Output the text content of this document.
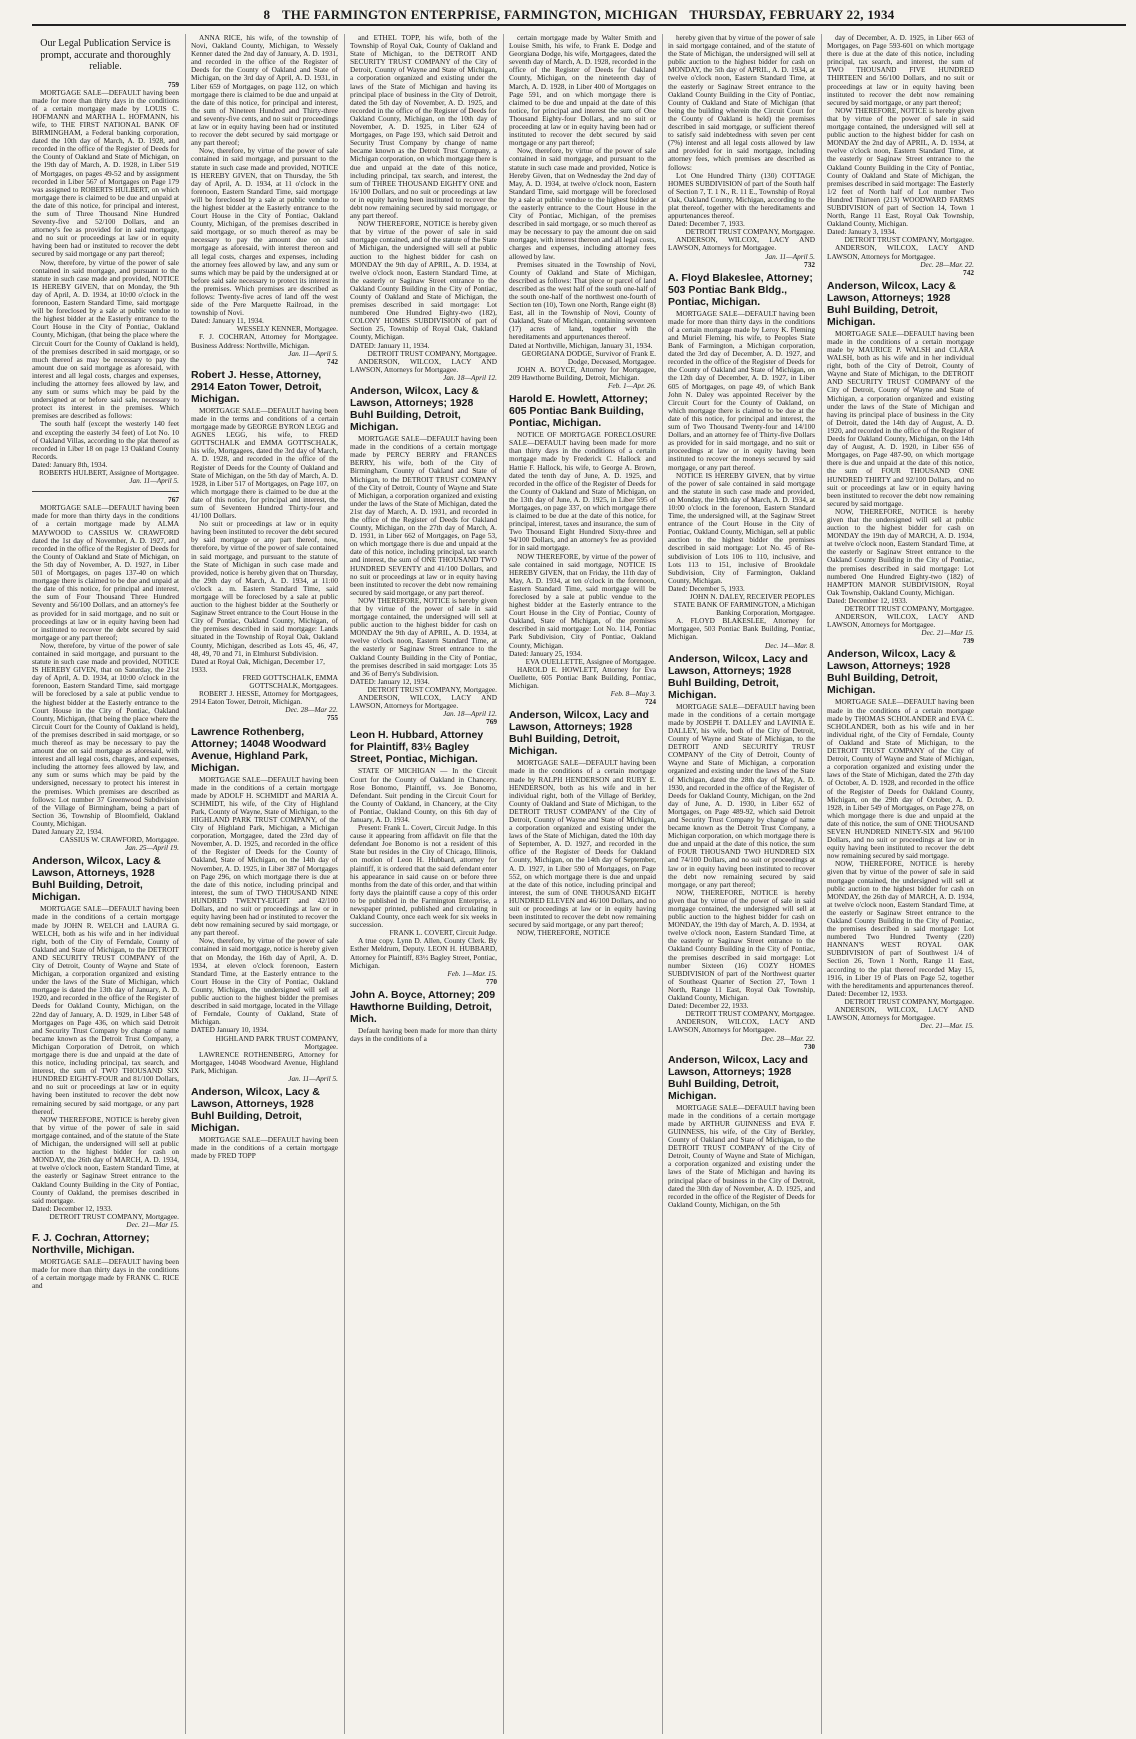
8 THE FARMINGTON ENTERPRISE, FARMINGTON, MICHIGAN THURSDAY, FEBRUARY 22, 1934
Our Legal Publication Service is prompt, accurate and thoroughly reliable.
759
MORTGAGE SALE—DEFAULT having been made for more than thirty days in the conditions of a certain mortgage made by LOUIS C. HOFMANN and MARTHA L. HOFMANN, his wife, to THE FIRST NATIONAL BANK OF BIRMINGHAM, a Federal banking corporation, dated the 10th day of March, A. D. 1928, and recorded in the office of the Register of Deeds for the County of Oakland and State of Michigan, on the 19th day of March, A. D. 1928, in Liber 519 of Mortgages, on pages 49-52 and by assignment recorded in Liber 567 of Mortgages on Page 179 was assigned to ROBERTS HULBERT, on which mortgage there is claimed to be due and unpaid at the date of this notice, for principal and interest, the sum of Three Thousand Nine Hundred Seventy-five and 52/100 Dollars, and an attorney's fee as provided for in said mortgage, and no suit or proceedings at law or in equity having been had or instituted to recover the debt secured by said mortgage or any part thereof;
Now, therefore, by virtue of the power of sale contained in said mortgage, and pursuant to the statute in such case made and provided, NOTICE IS HEREBY GIVEN, that on Monday, the 9th day of April, A. D. 1934, at 10:00 o'clock in the forenoon, Eastern Standard Time, said mortgage will be foreclosed by a sale at public vendue to the highest bidder at the Easterly entrance to the Court House in the City of Pontiac, Oakland County, Michigan, (that being the place where the Circuit Court for the County of Oakland is held), of the premises described in said mortgage, or so much thereof as may be necessary to pay the amount due on said mortgage as aforesaid, with interest and all legal costs, charges and expenses, including the attorney fees allowed by law, and any sum or sums which may be paid by the undersigned at or before said sale, necessary to protect its interest in the premises. Which premises are described as follows:
The south half (except the westerly 140 feet and excepting the easterly 34 feet) of Lot No. 10 of Oakland Villas, according to the plat thereof as recorded in Liber 18 on page 13 Oakland County Records.
Dated: January 8th, 1934.
ROBERTS HULBERT, Assignee of Mortgagee.
Jan. 11—April 5.
767
MORTGAGE SALE—DEFAULT having been made for more than thirty days in the conditions of a certain mortgage made by ALMA MAYWOOD to CASSIUS W. CRAWFORD dated the 1st day of November, A. D. 1927, and recorded in the office of the Register of Deeds for the County of Oakland and State of Michigan, on the 5th day of November, A. D. 1927, in Liber 501 of Mortgages, on pages 137-40 on which mortgage there is claimed to be due and unpaid at the date of this notice, for principal and interest, the sum of Four Thousand Three Hundred Seventy and 56/100 Dollars, and an attorney's fee as provided for in said mortgage, and no suit or proceedings at law or in equity having been had or instituted to recover the debt secured by said mortgage or any part thereof;
Now, therefore, by virtue of the power of sale contained in said mortgage, and pursuant to the statute in such case made and provided, NOTICE IS HEREBY GIVEN, that on Saturday, the 21st day of April, A. D. 1934, at 10:00 o'clock in the forenoon, Eastern Standard Time, said mortgage will be foreclosed by a sale at public vendue to the highest bidder at the Easterly entrance to the Court House in the City of Pontiac, Oakland County, Michigan, (that being the place where the Circuit Court for the County of Oakland is held), of the premises described in said mortgage, or so much thereof as may be necessary to pay the amount due on said mortgage as aforesaid, with interest and all legal costs, charges, and expenses, including the attorney fees allowed by law, and any sum or sums which may be paid by the undersigned, necessary to protect his interest in the premises. Which premises are described as follows: Lot number 37 Greenwood Subdivision of the Village of Birmingham, being a part of Section 36, Township of Bloomfield, Oakland County, Michigan.
Dated January 22, 1934.
CASSIUS W. CRAWFORD, Mortgagee.
Jan. 25—April 19.
Anderson, Wilcox, Lacy & Lawson, Attorneys, 1928 Buhl Building, Detroit, Michigan.
MORTGAGE SALE—DEFAULT having been made in the conditions of a certain mortgage made by JOHN R. WELCH and LAURA G. WELCH, both as his wife and in her individual right, both of the City of Ferndale, County of Oakland and State of Michigan, to the DETROIT AND SECURITY TRUST COMPANY of the City of Detroit, County of Wayne and State of Michigan, a corporation organized and existing under the laws of the State of Michigan, which mortgage is dated the 13th day of January, A. D. 1920, and recorded in the office of the Register of Deeds for Oakland County, Michigan, on the 22nd day of January, A. D. 1929, in Liber 548 of Mortgages on Page 436, on which said Detroit and Security Trust Company by change of name became known as the Detroit Trust Company, a Michigan Corporation of Detroit, on which mortgage there is due and unpaid at the date of this notice, including principal, tax search, and interest, the sum of TWO THOUSAND SIX HUNDRED EIGHTY-FOUR and 81/100 Dollars, and no suit or proceedings at law or in equity having been instituted to recover the debt now remaining secured by said mortgage, or any part thereof.
NOW THEREFORE, NOTICE is hereby given that by virtue of the power of sale in said mortgage contained, and of the statute of the State of Michigan, the undersigned will sell at public auction to the highest bidder for cash on MONDAY, the 26th day of MARCH, A. D. 1934, at twelve o'clock noon, Eastern Standard Time, at the easterly or Saginaw Street entrance to the Oakland County Building in the City of Pontiac, County of Oakland, the premises described in said mortgage.
Dated: December 12, 1933.
DETROIT TRUST COMPANY, Mortgagee.
Dec. 21—Mar 15.
F. J. Cochran, Attorney; Northville, Michigan.
MORTGAGE SALE—DEFAULT having been made for more than thirty days in the conditions of a certain mortgage made by FRANK C. RICE and
ANNA RICE, his wife, of the township of Novi, Oakland County, Michigan, to Wessely Kenner dated the 2nd day of January, A. D. 1931, and recorded in the office of the Register of Deeds for the County of Oakland and State of Michigan, on the 3rd day of April, A. D. 1931, in Liber 659 of Mortgages, on page 112, on which mortgage there is claimed to be due and unpaid at the date of this notice, for principal and interest, the sum of Nineteen Hundred and Thirty-three and seventy-five cents, and no suit or proceedings at law or in equity having been had or instituted to recover the debt secured by said mortgage or any part thereof;
Now, therefore, by virtue of the power of sale contained in said mortgage, and pursuant to the statute in such case made and provided, NOTICE IS HEREBY GIVEN, that on Thursday, the 5th day of April, A. D. 1934, at 11 o'clock in the forenoon, Eastern Standard Time, said mortgage will be foreclosed by a sale at public vendue to the highest bidder at the Easterly entrance to the Court House in the City of Pontiac, Oakland County, Michigan, of the premises described in said mortgage, or so much thereof as may be necessary to pay the amount due on said mortgage as aforesaid, with interest thereon and all legal costs, charges and expenses, including the attorney fees allowed by law, and any sum or sums which may be paid by the undersigned at or before said sale necessary to protect its interest in the premises. Which premises are described as follows: Twenty-five acres of land off the west side of the Pere Marquette Railroad, in the township of Novi.
Dated: January 11, 1934.
WESSELY KENNER, Mortgagee.
F. J. COCHRAN, Attorney for Mortgagee. Business Address: Northville, Michigan.
Jan. 11—April 5.
742
Robert J. Hesse, Attorney, 2914 Eaton Tower, Detroit, Michigan.
MORTGAGE SALE—DEFAULT having been made in the terms and conditions of a certain mortgage made by GEORGE BYRON LEGG and AGNES LEGG, his wife, to FRED GOTTSCHALK and EMMA GOTTSCHALK, his wife, Mortgagees, dated the 3rd day of March, A. D. 1928, and recorded in the office of the Register of Deeds for the County of Oakland and State of Michigan, on the 5th day of March, A. D. 1928, in Liber 517 of Mortgages, on Page 107, on which mortgage there is claimed to be due at the date of this notice, for principal and interest, the sum of Seventeen Hundred Thirty-four and 41/100 Dollars.
No suit or proceedings at law or in equity having been instituted to recover the debt secured by said mortgage or any part thereof, now, therefore, by virtue of the power of sale contained in said mortgage, and pursuant to the statute of the State of Michigan in such case made and provided, notice is hereby given that on Thursday, the 29th day of March, A. D. 1934, at 11:00 o'clock a. m. Eastern Standard Time, said mortgage will be foreclosed by a sale at public auction to the highest bidder at the Southerly or Saginaw Street entrance to the Court House in the City of Pontiac, Oakland County, Michigan, of the premises described in said mortgage: Lands situated in the Township of Royal Oak, Oakland County, Michigan, described as Lots 45, 46, 47, 48, 49, 70 and 71, in Elmhurst Subdivision.
Dated at Royal Oak, Michigan, December 17, 1933.
FRED GOTTSCHALK, EMMA GOTTSCHALK, Mortgagees.
ROBERT J. HESSE, Attorney for Mortgagees, 2914 Eaton Tower, Detroit, Michigan.
Dec. 28—Mar 22.
755
Lawrence Rothenberg, Attorney; 14048 Woodward Avenue, Highland Park, Michigan.
MORTGAGE SALE—DEFAULT having been made in the conditions of a certain mortgage made by ADOLF H. SCHMIDT and MARIA A. SCHMIDT, his wife, of the City of Highland Park, County of Wayne, State of Michigan, to the HIGHLAND PARK TRUST COMPANY, of the City of Highland Park, Michigan, a Michigan corporation, Mortgagee, dated the 23rd day of November, A. D. 1925, and recorded in the office of the Register of Deeds for the County of Oakland, State of Michigan, on the 14th day of November, A. D. 1925, in Liber 387 of Mortgages on Page 296, on which mortgage there is due at the date of this notice, including principal and interest, the sum of TWO THOUSAND NINE HUNDRED TWENTY-EIGHT and 42/100 Dollars, and no suit or proceedings at law or in equity having been had or instituted to recover the debt now remaining secured by said mortgage, or any part thereof.
Now, therefore, by virtue of the power of sale contained in said mortgage, notice is hereby given that on Monday, the 16th day of April, A. D. 1934, at eleven o'clock forenoon, Eastern Standard Time, at the Easterly entrance to the Court House in the City of Pontiac, Oakland County, Michigan, the undersigned will sell at public auction to the highest bidder the premises described in said mortgage, located in the Village of Ferndale, County of Oakland, State of Michigan.
DATED January 10, 1934.
HIGHLAND PARK TRUST COMPANY, Mortgagee.
LAWRENCE ROTHENBERG, Attorney for Mortgagee, 14048 Woodward Avenue, Highland Park, Michigan.
Jan. 11—April 5.
Anderson, Wilcox, Lacy & Lawson, Attorneys, 1928 Buhl Building, Detroit, Michigan.
MORTGAGE SALE—DEFAULT having been made in the conditions of a certain mortgage made by FRED TOPP
and ETHEL TOPP, his wife, both of the Township of Royal Oak, County of Oakland and State of Michigan, to the DETROIT AND SECURITY TRUST COMPANY of the City of Detroit, County of Wayne and State of Michigan, a corporation organized and existing under the laws of the State of Michigan and having its principal place of business in the City of Detroit, dated the 5th day of November, A. D. 1925, and recorded in the office of the Register of Deeds for Oakland County, Michigan, on the 10th day of November, A. D. 1925, in Liber 624 of Mortgages, on Page 193, which said Detroit and Security Trust Company by change of name became known as the Detroit Trust Company, a Michigan corporation, on which mortgage there is due and unpaid at the date of this notice, including principal, tax search, and interest, the sum of THREE THOUSAND EIGHTY ONE and 16/100 Dollars, and no suit or proceedings at law or in equity having been instituted to recover the debt now remaining secured by said mortgage, or any part thereof.
NOW THEREFORE, NOTICE is hereby given that by virtue of the power of sale in said mortgage contained, and of the statute of the State of Michigan, the undersigned will sell at public auction to the highest bidder for cash on MONDAY the 9th day of APRIL, A. D. 1934, at twelve o'clock noon, Eastern Standard Time, at the easterly or Saginaw Street entrance to the Oakland County Building in the City of Pontiac, County of Oakland and State of Michigan, the premises described in said mortgage: Lot numbered One Hundred Eighty-two (182), COLONY HOMES SUBDIVISION of part of Section 25, Township of Royal Oak, Oakland County, Michigan.
DATED: January 11, 1934.
DETROIT TRUST COMPANY, Mortgagee.
ANDERSON, WILCOX, LACY AND LAWSON, Attorneys for Mortgagee.
Jan. 18—April 12.
Anderson, Wilcox, Lacy & Lawson, Attorneys; 1928 Buhl Building, Detroit, Michigan.
MORTGAGE SALE—DEFAULT having been made in the conditions of a certain mortgage made by PERCY BERRY and FRANCES BERRY, his wife, both of the City of Birmingham, County of Oakland and State of Michigan, to the DETROIT TRUST COMPANY of the City of Detroit, County of Wayne and State of Michigan, a corporation organized and existing under the laws of the State of Michigan, dated the 21st day of March, A. D. 1931, and recorded in the office of the Register of Deeds for Oakland County, Michigan, on the 27th day of March, A. D. 1931, in Liber 662 of Mortgages, on Page 53, on which mortgage there is due and unpaid at the date of this notice, including principal, tax search and interest, the sum of ONE THOUSAND TWO HUNDRED SEVENTY and 41/100 Dollars, and no suit or proceedings at law or in equity having been instituted to recover the debt now remaining secured by said mortgage, or any part thereof.
NOW THEREFORE, NOTICE is hereby given that by virtue of the power of sale in said mortgage contained, the undersigned will sell at public auction to the highest bidder for cash on MONDAY the 9th day of APRIL, A. D. 1934, at twelve o'clock noon, Eastern Standard Time, at the easterly or Saginaw Street entrance to the Oakland County Building in the City of Pontiac, the premises described in said mortgage: Lots 35 and 36 of Berry's Subdivision.
DATED: January 12, 1934.
DETROIT TRUST COMPANY, Mortgagee.
ANDERSON, WILCOX, LACY AND LAWSON, Attorneys for Mortgagee.
Jan. 18—April 12.
769
Leon H. Hubbard, Attorney for Plaintiff, 83½ Bagley Street, Pontiac, Michigan.
STATE OF MICHIGAN — In the Circuit Court for the County of Oakland in Chancery. Rose Bonomo, Plaintiff, vs. Joe Bonomo, Defendant. Suit pending in the Circuit Court for the County of Oakland, in Chancery, at the City of Pontiac, Oakland County, on this 6th day of January, A. D. 1934.
Present: Frank L. Covert, Circuit Judge. In this cause it appearing from affidavit on file that the defendant Joe Bonomo is not a resident of this State but resides in the City of Chicago, Illinois, on motion of Leon H. Hubbard, attorney for plaintiff, it is ordered that the said defendant enter his appearance in said cause on or before three months from the date of this order, and that within forty days the plaintiff cause a copy of this order to be published in the Farmington Enterprise, a newspaper printed, published and circulating in Oakland County, once each week for six weeks in succession.
FRANK L. COVERT, Circuit Judge.
A true copy. Lynn D. Allen, County Clerk. By Esther Meldrum, Deputy. LEON H. HUBBARD, Attorney for Plaintiff, 83½ Bagley Street, Pontiac, Michigan.
Feb. 1—Mar. 15.
770
John A. Boyce, Attorney; 209 Hawthorne Building, Detroit, Mich.
Default having been made for more than thirty days in the conditions of a
certain mortgage made by Walter Smith and Louise Smith, his wife, to Frank E. Dodge and Georgiana Dodge, his wife, Mortgagees, dated the seventh day of March, A. D. 1928, recorded in the office of the Register of Deeds for Oakland County, Michigan, on the nineteenth day of March, A. D. 1928, in Liber 400 of Mortgages on Page 591, and on which mortgage there is claimed to be due and unpaid at the date of this notice, for principal and interest the sum of One Thousand Eighty-four Dollars, and no suit or proceeding at law or in equity having been had or instituted to recover the debt secured by said mortgage or any part thereof;
Now, therefore, by virtue of the power of sale contained in said mortgage, and pursuant to the statute in such case made and provided, Notice is Hereby Given, that on Wednesday the 2nd day of May, A. D. 1934, at twelve o'clock noon, Eastern Standard Time, said mortgage will be foreclosed by a sale at public vendue to the highest bidder at the easterly entrance to the Court House in the City of Pontiac, Michigan, of the premises described in said mortgage, or so much thereof as may be necessary to pay the amount due on said mortgage, with interest thereon and all legal costs, charges and expenses, including attorney fees allowed by law.
Premises situated in the Township of Novi, County of Oakland and State of Michigan, described as follows: That piece or parcel of land described as the west half of the south one-half of the south one-half of the northwest one-fourth of Section ten (10), Town one North, Range eight (8) East, all in the Township of Novi, County of Oakland, State of Michigan, containing seventeen (17) acres of land, together with the hereditaments and appurtenances thereof.
Dated at Northville, Michigan, January 31, 1934.
GEORGIANA DODGE, Survivor of Frank E. Dodge, Deceased, Mortgagee.
JOHN A. BOYCE, Attorney for Mortgagee, 209 Hawthorne Building, Detroit, Michigan.
Feb. 1—Apr. 26.
Harold E. Howlett, Attorney; 605 Pontiac Bank Building, Pontiac, Michigan.
NOTICE OF MORTGAGE FORECLOSURE SALE—DEFAULT having been made for more than thirty days in the conditions of a certain mortgage made by Frederick C. Hallock and Hattie F. Hallock, his wife, to George A. Brown, dated the tenth day of June, A. D. 1925, and recorded in the office of the Register of Deeds for the County of Oakland and State of Michigan, on the 13th day of June, A. D. 1925, in Liber 595 of Mortgages, on page 337, on which mortgage there is claimed to be due at the date of this notice, for principal, interest, taxes and insurance, the sum of Two Thousand Eight Hundred Sixty-three and 94/100 Dollars, and an attorney's fee as provided for in said mortgage.
NOW THEREFORE, by virtue of the power of sale contained in said mortgage, NOTICE IS HEREBY GIVEN, that on Friday, the 11th day of May, A. D. 1934, at ten o'clock in the forenoon, Eastern Standard Time, said mortgage will be foreclosed by a sale at public vendue to the highest bidder at the Easterly entrance to the Court House in the City of Pontiac, County of Oakland, State of Michigan, of the premises described in said mortgage: Lot No. 114, Pontiac Park Subdivision, City of Pontiac, Oakland County, Michigan.
Dated: January 25, 1934.
EVA OUELLETTE, Assignee of Mortgagee.
HAROLD E. HOWLETT, Attorney for Eva Ouellette, 605 Pontiac Bank Building, Pontiac, Michigan.
Feb. 8—May 3.
724
Anderson, Wilcox, Lacy and Lawson, Attorneys; 1928 Buhl Building, Detroit, Michigan.
MORTGAGE SALE—DEFAULT having been made in the conditions of a certain mortgage made by RALPH HENDERSON and RUBY E. HENDERSON, both as his wife and in her individual right, both of the Village of Berkley, County of Oakland and State of Michigan, to the DETROIT TRUST COMPANY of the City of Detroit, County of Wayne and State of Michigan, a corporation organized and existing under the laws of the State of Michigan, dated the 10th day of September, A. D. 1927, and recorded in the office of the Register of Deeds for Oakland County, Michigan, on the 14th day of September, A. D. 1927, in Liber 590 of Mortgages, on Page 552, on which mortgage there is due and unpaid at the date of this notice, including principal and interest, the sum of ONE THOUSAND EIGHT HUNDRED ELEVEN and 46/100 Dollars, and no suit or proceedings at law or in equity having been instituted to recover the debt now remaining secured by said mortgage, or any part thereof;
NOW, THEREFORE, NOTICE
hereby given that by virtue of the power of sale in said mortgage contained, and of the statute of the State of Michigan, the undersigned will sell at public auction to the highest bidder for cash on MONDAY, the 5th day of APRIL, A. D. 1934, at twelve o'clock noon, Eastern Standard Time, at the easterly or Saginaw Street entrance to the Oakland County Building in the City of Pontiac, County of Oakland and State of Michigan (that being the building wherein the Circuit Court for the County of Oakland is held) the premises described in said mortgage, or sufficient thereof to satisfy said indebtedness with seven per cent (7%) interest and all legal costs allowed by law and provided for in said mortgage, including attorney fees, which premises are described as follows:
Lot One Hundred Thirty (130) COTTAGE HOMES SUBDIVISION of part of the South half of Section 7, T. 1 N., R. 11 E., Township of Royal Oak, Oakland County, Michigan, according to the plat thereof, together with the hereditaments and appurtenances thereof.
Dated: December 7, 1933.
DETROIT TRUST COMPANY, Mortgagee.
ANDERSON, WILCOX, LACY AND LAWSON, Attorneys for Mortgagee.
Jan. 11—April 5.
732
A. Floyd Blakeslee, Attorney; 503 Pontiac Bank Bldg., Pontiac, Michigan.
MORTGAGE SALE—DEFAULT having been made for more than thirty days in the conditions of a certain mortgage made by Leroy K. Fleming and Muriel Fleming, his wife, to Peoples State Bank of Farmington, a Michigan corporation, dated the 3rd day of December, A. D. 1927, and recorded in the office of the Register of Deeds for the County of Oakland and State of Michigan, on the 12th day of December, A. D. 1927, in Liber 605 of Mortgages, on page 49, of which Bank John N. Daley was appointed Receiver by the Circuit Court for the County of Oakland, on which mortgage there is claimed to be due at the date of this notice, for principal and interest, the sum of Two Thousand Twenty-four and 14/100 Dollars, and an attorney fee of Thirty-five Dollars as provided for in said mortgage, and no suit or proceedings at law or in equity having been instituted to recover the moneys secured by said mortgage, or any part thereof.
NOTICE IS HEREBY GIVEN, that by virtue of the power of sale contained in said mortgage and the statute in such case made and provided, on Monday, the 19th day of March, A. D. 1934, at 10:00 o'clock in the forenoon, Eastern Standard Time, the undersigned will, at the Saginaw Street entrance of the Court House in the City of Pontiac, Oakland County, Michigan, sell at public auction to the highest bidder the premises described in said mortgage: Lot No. 45 of Re-subdivision of Lots 106 to 110, inclusive, and Lots 113 to 151, inclusive of Brookdale Subdivision, City of Farmington, Oakland County, Michigan.
Dated: December 5, 1933.
JOHN N. DALEY, RECEIVER PEOPLES STATE BANK OF FARMINGTON, a Michigan Banking Corporation, Mortgagee.
A. FLOYD BLAKESLEE, Attorney for Mortgagee, 503 Pontiac Bank Building, Pontiac, Michigan.
Dec. 14—Mar. 8.
Anderson, Wilcox, Lacy and Lawson, Attorneys; 1928 Buhl Building, Detroit, Michigan.
MORTGAGE SALE—DEFAULT having been made in the conditions of a certain mortgage made by JOSEPH T. DALLEY and LAVINIA E. DALLEY, his wife, both of the City of Detroit, County of Wayne and State of Michigan, to the DETROIT AND SECURITY TRUST COMPANY of the City of Detroit, County of Wayne and State of Michigan, a corporation organized and existing under the laws of the State of Michigan, dated the 28th day of May, A. D. 1930, and recorded in the office of the Register of Deeds for Oakland County, Michigan, on the 2nd day of June, A. D. 1930, in Liber 652 of Mortgages, on Page 489-92, which said Detroit and Security Trust Company by change of name became known as the Detroit Trust Company, a Michigan corporation, on which mortgage there is due and unpaid at the date of this notice, the sum of FOUR THOUSAND TWO HUNDRED SIX and 74/100 Dollars, and no suit or proceedings at law or in equity having been instituted to recover the debt now remaining secured by said mortgage, or any part thereof;
NOW, THEREFORE, NOTICE is hereby given that by virtue of the power of sale in said mortgage contained, the undersigned will sell at public auction to the highest bidder for cash on MONDAY, the 19th day of March, A. D. 1934, at twelve o'clock noon, Eastern Standard Time, at the easterly or Saginaw Street entrance to the Oakland County Building in the City of Pontiac, the premises described in said mortgage: Lot number Sixteen (16) COZY HOMES SUBDIVISION of part of the Northwest quarter of Southeast Quarter of Section 27, Town 1 North, Range 11 East, Royal Oak Township, Oakland County, Michigan.
Dated: December 22, 1933.
DETROIT TRUST COMPANY, Mortgagee.
ANDERSON, WILCOX, LACY AND LAWSON, Attorneys for Mortgagee.
Dec. 28—Mar. 22.
730
Anderson, Wilcox, Lacy and Lawson, Attorneys; 1928 Buhl Building, Detroit, Michigan.
MORTGAGE SALE—DEFAULT having been made in the conditions of a certain mortgage made by ARTHUR GUINNESS and EVA F. GUINNESS, his wife, of the City of Berkley, County of Oakland and State of Michigan, to the DETROIT TRUST COMPANY of the City of Detroit, County of Wayne and State of Michigan, a corporation organized and existing under the laws of the State of Michigan and having its principal place of business in the City of Detroit, dated the 30th day of November, A. D. 1925, and recorded in the office of the Register of Deeds for Oakland County, Michigan, on the 5th
day of December, A. D. 1925, in Liber 663 of Mortgages, on Page 593-601 on which mortgage there is due at the date of this notice, including principal, tax search, and interest, the sum of TWO THOUSAND FIVE HUNDRED THIRTEEN and 56/100 Dollars, and no suit or proceedings at law or in equity having been instituted to recover the debt now remaining secured by said mortgage, or any part thereof;
NOW THEREFORE, NOTICE is hereby given that by virtue of the power of sale in said mortgage contained, the undersigned will sell at public auction to the highest bidder for cash on MONDAY the 2nd day of APRIL, A. D. 1934, at twelve o'clock noon, Eastern Standard Time, at the easterly or Saginaw Street entrance to the Oakland County Building in the City of Pontiac, County of Oakland and State of Michigan, the premises described in said mortgage: The Easterly 1/2 feet of North half of Lot number Two Hundred Thirteen (213) WOODWARD FARMS SUBDIVISION of part of Section 14, Town 1 North, Range 11 East, Royal Oak Township, Oakland County, Michigan.
Dated: January 3, 1934.
DETROIT TRUST COMPANY, Mortgagee.
ANDERSON, WILCOX, LACY AND LAWSON, Attorneys for Mortgagee.
Dec. 28—Mar. 22.
742
Anderson, Wilcox, Lacy & Lawson, Attorneys; 1928 Buhl Building, Detroit, Michigan.
MORTGAGE SALE—DEFAULT having been made in the conditions of a certain mortgage made by MAURICE P. WALSH and CLARA WALSH, both as his wife and in her individual right, both of the City of Detroit, County of Wayne and State of Michigan, to the DETROIT AND SECURITY TRUST COMPANY of the City of Detroit, County of Wayne and State of Michigan, a corporation organized and existing under the laws of the State of Michigan and having its principal place of business in the City of Detroit, dated the 14th day of August, A. D. 1920, and recorded in the office of the Register of Deeds for Oakland County, Michigan, on the 14th day of August, A. D. 1920, in Liber 656 of Mortgages, on Page 487-90, on which mortgage there is due and unpaid at the date of this notice, the sum of FOUR THOUSAND ONE HUNDRED THIRTY and 92/100 Dollars, and no suit or proceedings at law or in equity having been instituted to recover the debt now remaining secured by said mortgage.
NOW, THEREFORE, NOTICE is hereby given that the undersigned will sell at public auction to the highest bidder for cash on MONDAY the 19th day of MARCH, A. D. 1934, at twelve o'clock noon, Eastern Standard Time, at the easterly or Saginaw Street entrance to the Oakland County Building in the City of Pontiac, the premises described in said mortgage: Lot numbered One Hundred Eighty-two (182) of HAMPTON MANOR SUBDIVISION, Royal Oak Township, Oakland County, Michigan.
Dated: December 12, 1933.
DETROIT TRUST COMPANY, Mortgagee.
ANDERSON, WILCOX, LACY AND LAWSON, Attorneys for Mortgagee.
Dec. 21—Mar 15.
739
Anderson, Wilcox, Lacy & Lawson, Attorneys; 1928 Buhl Building, Detroit, Michigan.
MORTGAGE SALE—DEFAULT having been made in the conditions of a certain mortgage made by THOMAS SCHOLANDER and EVA C. SCHOLANDER, both as his wife and in her individual right, of the City of Ferndale, County of Oakland and State of Michigan, to the DETROIT TRUST COMPANY of the City of Detroit, County of Wayne and State of Michigan, a corporation organized and existing under the laws of the State of Michigan, dated the 27th day of October, A. D. 1928, and recorded in the office of the Register of Deeds for Oakland County, Michigan, on the 29th day of October, A. D. 1928, in Liber 549 of Mortgages, on Page 278, on which mortgage there is due and unpaid at the date of this notice, the sum of ONE THOUSAND SEVEN HUNDRED NINETY-SIX and 96/100 Dollars, and no suit or proceedings at law or in equity having been instituted to recover the debt now remaining secured by said mortgage.
NOW, THEREFORE, NOTICE is hereby given that by virtue of the power of sale in said mortgage contained, the undersigned will sell at public auction to the highest bidder for cash on MONDAY, the 26th day of MARCH, A. D. 1934, at twelve o'clock noon, Eastern Standard Time, at the easterly or Saginaw Street entrance to the Oakland County Building in the City of Pontiac, the premises described in said mortgage: Lot numbered Two Hundred Twenty (220) HANNAN'S WEST ROYAL OAK SUBDIVISION of part of Southwest 1/4 of Section 26, Town 1 North, Range 11 East, according to the plat thereof recorded May 15, 1916, in Liber 19 of Plats on Page 52, together with the hereditaments and appurtenances thereof.
Dated: December 12, 1933.
DETROIT TRUST COMPANY, Mortgagee.
ANDERSON, WILCOX, LACY AND LAWSON, Attorneys for Mortgagee.
Dec. 21—Mar. 15.
